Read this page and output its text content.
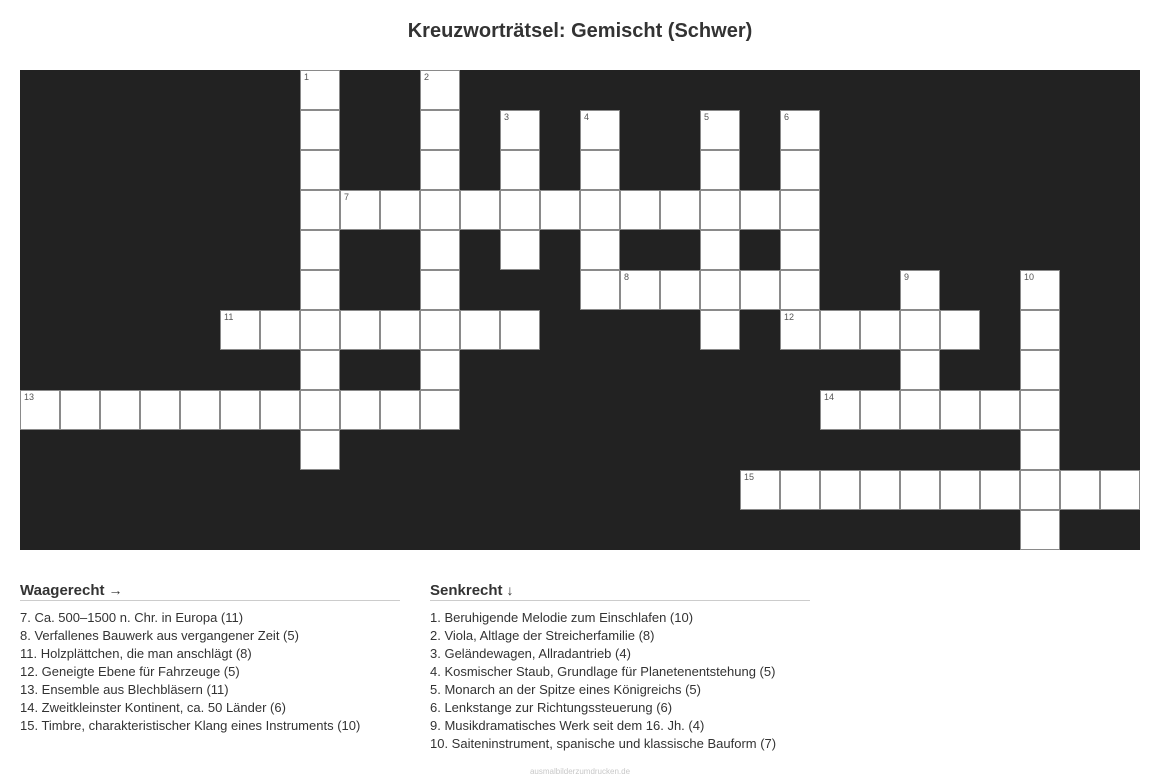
Kreuzworträtsel: Gemischt (Schwer)
1	2
3	4	5	6
7
8	9	10
11	12
13	14
15
Waagerecht →
7. Ca. 500–1500 n. Chr. in Europa (11)
8. Verfallenes Bauwerk aus vergangener Zeit (5)
11. Holzplättchen, die man anschlägt (8)
12. Geneigte Ebene für Fahrzeuge (5)
13. Ensemble aus Blechbläsern (11)
14. Zweitkleinster Kontinent, ca. 50 Länder (6)
15. Timbre, charakteristischer Klang eines Instruments (10)
Senkrecht ↓
1. Beruhigende Melodie zum Einschlafen (10)
2. Viola, Altlage der Streicherfamilie (8)
3. Geländewagen, Allradantrieb (4)
4. Kosmischer Staub, Grundlage für Planetenentstehung (5)
5. Monarch an der Spitze eines Königreichs (5)
6. Lenkstange zur Richtungssteuerung (6)
9. Musikdramatisches Werk seit dem 16. Jh. (4)
10. Saiteninstrument, spanische und klassische Bauform (7)
ausmalbilderzumdrucken.de
